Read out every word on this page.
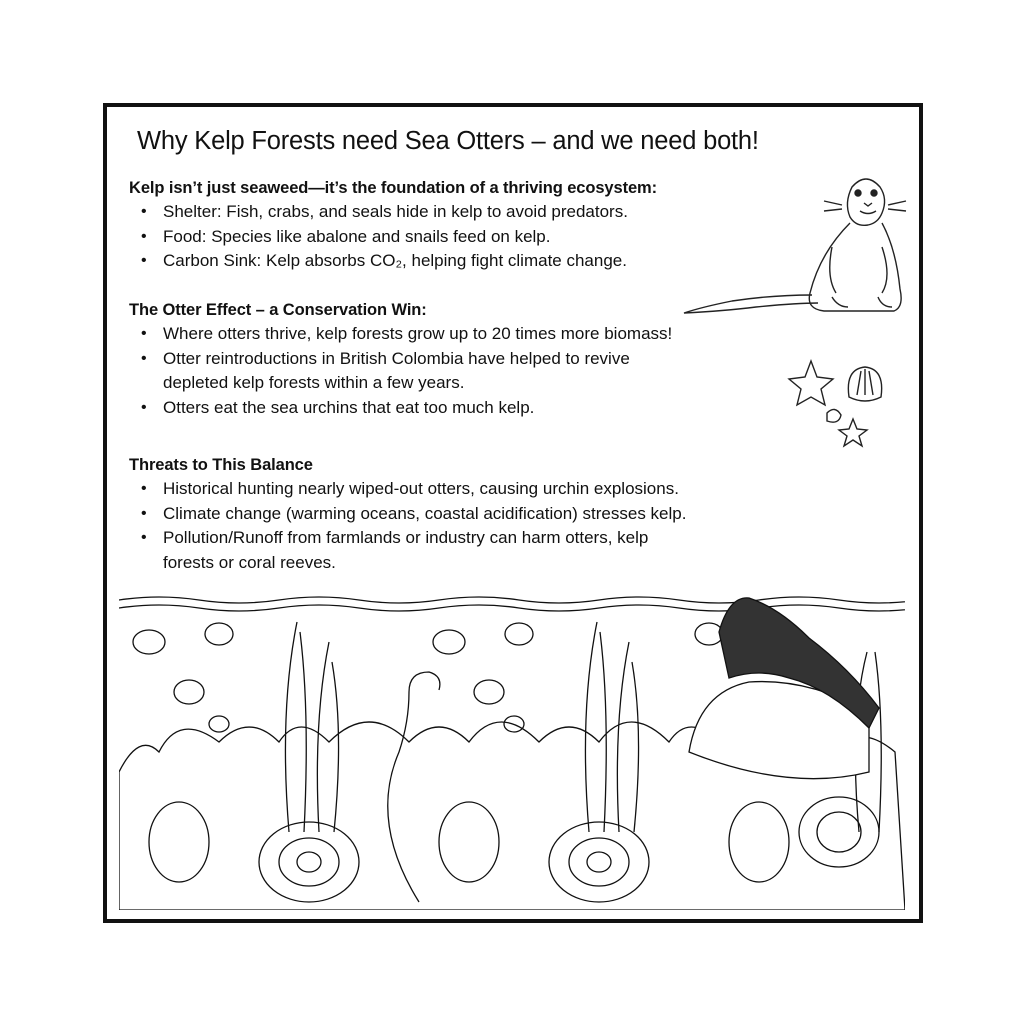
Why Kelp Forests need Sea Otters – and we need both!
Kelp isn’t just seaweed—it’s the foundation of a thriving ecosystem:
• Shelter: Fish, crabs, and seals hide in kelp to avoid predators.
• Food: Species like abalone and snails feed on kelp.
• Carbon Sink: Kelp absorbs CO₂, helping fight climate change.
The Otter Effect – a Conservation Win:
• Where otters thrive, kelp forests grow up to 20 times more biomass!
• Otter reintroductions in British Colombia have helped to revive
depleted kelp forests within a few years.
• Otters eat the sea urchins that eat too much kelp.
Threats to This Balance
• Historical hunting nearly wiped-out otters, causing urchin explosions.
• Climate change (warming oceans, coastal acidification) stresses kelp.
• Pollution/Runoff from farmlands or industry can harm otters, kelp
forests or coral reeves.
